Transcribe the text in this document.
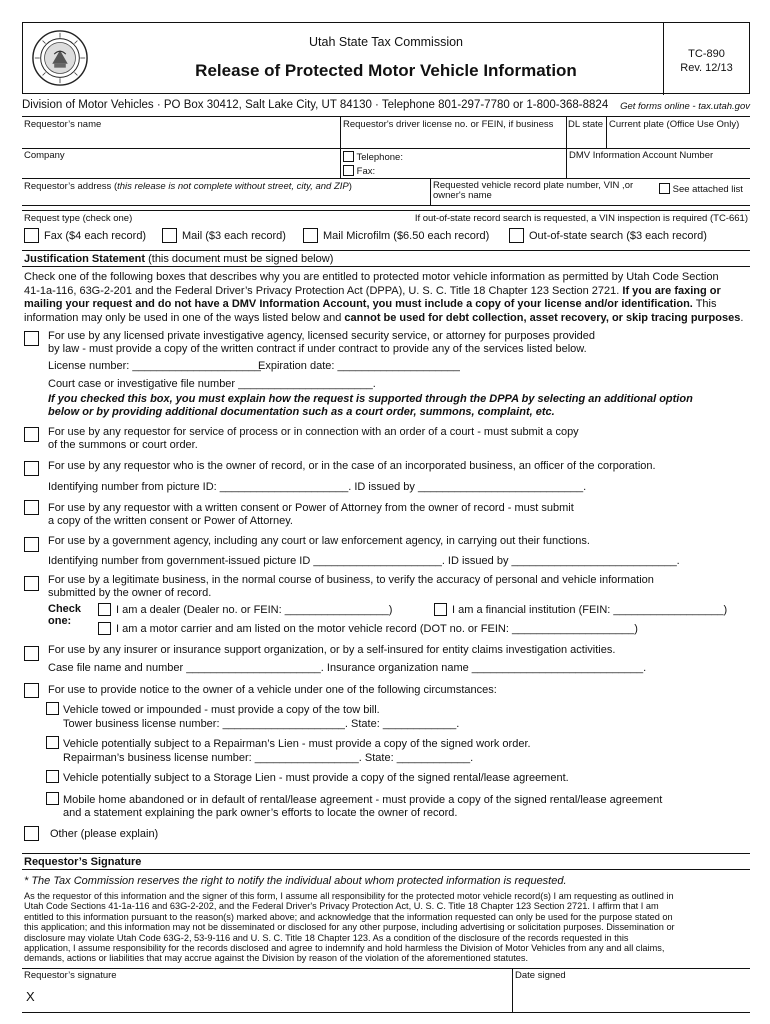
Utah State Tax Commission
Release of Protected Motor Vehicle Information
TC-890
Rev. 12/13
Division of Motor Vehicles · PO Box 30412, Salt Lake City, UT 84130 · Telephone 801-297-7780 or 1-800-368-8824 Get forms online - tax.utah.gov
Requestor’s name	Requestor's driver license no. or FEIN, if business DL state Current plate (Office Use Only)
Company	Telephone:
Fax:
DMV Information Account Number
Requestor’s address (this release is not complete without street, city, and ZIP)	Requested vehicle record plate number, VIN ,or owner's name
See attached list
Request type (check one)	If out-of-state record search is requested, a VIN inspection is required (TC-661)
Fax ($4 each record)	Mail ($3 each record)	Mail Microfilm ($6.50 each record)	Out-of-state search ($3 each record)
Justification Statement (this document must be signed below)
Check one of the following boxes that describes why you are entitled to protected motor vehicle information as permitted by Utah Code Section
41-1a-116, 63G-2-201 and the Federal Driver’s Privacy Protection Act (DPPA), U. S. C. Title 18 Chapter 123 Section 2721. If you are faxing or
mailing your request and do not have a DMV Information Account, you must include a copy of your license and/or identification. This
information may only be used in one of the ways listed below and cannot be used for debt collection, asset recovery, or skip tracing purposes.
For use by any licensed private investigative agency, licensed security service, or attorney for purposes provided
by law - must provide a copy of the written contract if under contract to provide any of the services listed below.
License number: _____________________
Expiration date: ____________________
Court case or investigative file number ______________________.
If you checked this box, you must explain how the request is supported through the DPPA by selecting an additional option
below or by providing additional documentation such as a court order, summons, complaint, etc.
For use by any requestor for service of process or in connection with an order of a court - must submit a copy
of the summons or court order.
For use by any requestor who is the owner of record, or in the case of an incorporated business, an officer of the corporation.
Identifying number from picture ID: _____________________. ID issued by ___________________________.
For use by any requestor with a written consent or Power of Attorney from the owner of record - must submit
a copy of the written consent or Power of Attorney.
For use by a government agency, including any court or law enforcement agency, in carrying out their functions.
Identifying number from government-issued picture ID _____________________. ID issued by ___________________________.
For use by a legitimate business, in the normal course of business, to verify the accuracy of personal and vehicle information
submitted by the owner of record.
Check one:
I am a dealer (Dealer no. or FEIN: _________________)	I am a financial institution (FEIN: __________________)
I am a motor carrier and am listed on the motor vehicle record (DOT no. or FEIN: ____________________)
For use by any insurer or insurance support organization, or by a self-insured for entity claims investigation activities.
Case file name and number ______________________. Insurance organization name ____________________________.
For use to provide notice to the owner of a vehicle under one of the following circumstances:
Vehicle towed or impounded - must provide a copy of the tow bill.
Tower business license number: ____________________. State: ____________.
Vehicle potentially subject to a Repairman’s Lien - must provide a copy of the signed work order.
Repairman’s business license number: _________________. State: ____________.
Vehicle potentially subject to a Storage Lien - must provide a copy of the signed rental/lease agreement.
Mobile home abandoned or in default of rental/lease agreement - must provide a copy of the signed rental/lease agreement
and a statement explaining the park owner’s efforts to locate the owner of record.
Other (please explain)
Requestor’s Signature
* The Tax Commission reserves the right to notify the individual about whom protected information is requested.
As the requestor of this information and the signer of this form, I assume all responsibility for the protected motor vehicle record(s) I am requesting as outlined in
Utah Code Sections 41-1a-116 and 63G-2-202, and the Federal Driver's Privacy Protection Act, U. S. C. Title 18 Chapter 123 Section 2721. I affirm that I am
entitled to this information pursuant to the reason(s) marked above; and acknowledge that the information requested can only be used for the purpose stated on
this application; and this information may not be disseminated or disclosed for any other purpose, including advertising or solicitation purposes. Dissemination or
disclosure may violate Utah Code 63G-2, 53-9-116 and U. S. C. Title 18 Chapter 123. As a condition of the disclosure of the records requested in this
application, I assume responsibility for the records disclosed and agree to indemnify and hold harmless the Division of Motor Vehicles from any and all claims,
demands, actions or liabilities that may accrue against the Division by reason of the violation of the aforementioned statutes.
Requestor’s signature
X
Date signed
